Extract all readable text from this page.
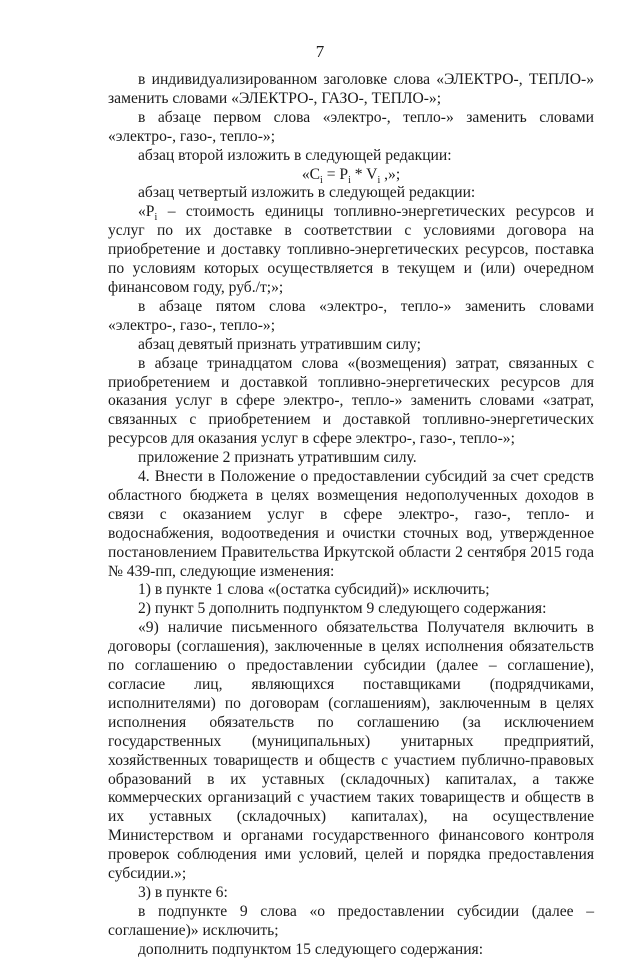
7

в индивидуализированном заголовке слова «ЭЛЕКТРО-, ТЕПЛО-» заменить словами «ЭЛЕКТРО-, ГАЗО-, ТЕПЛО-»;

в абзаце первом слова «электро-, тепло-» заменить словами «электро-, газо-, тепло-»;

абзац второй изложить в следующей редакции:

«$C_i = P_i * V_i$ ,»;

абзац четвертый изложить в следующей редакции:

«$P_i$ – стоимость единицы топливно-энергетических ресурсов и услуг по их доставке в соответствии с условиями договора на приобретение и доставку топливно-энергетических ресурсов, поставка по условиям которых осуществляется в текущем и (или) очередном финансовом году, руб./т;»;

в абзаце пятом слова «электро-, тепло-» заменить словами «электро-, газо-, тепло-»;

абзац девятый признать утратившим силу;

в абзаце тринадцатом слова «(возмещения) затрат, связанных с приобретением и доставкой топливно-энергетических ресурсов для оказания услуг в сфере электро-, тепло-» заменить словами «затрат, связанных с приобретением и доставкой топливно-энергетических ресурсов для оказания услуг в сфере электро-, газо-, тепло-»;

приложение 2 признать утратившим силу.

4. Внести в Положение о предоставлении субсидий за счет средств областного бюджета в целях возмещения недополученных доходов в связи с оказанием услуг в сфере электро-, газо-, тепло- и водоснабжения, водоотведения и очистки сточных вод, утвержденное постановлением Правительства Иркутской области 2 сентября 2015 года № 439-пп, следующие изменения:

1) в пункте 1 слова «(остатка субсидий)» исключить;

2) пункт 5 дополнить подпунктом 9 следующего содержания:

«9) наличие письменного обязательства Получателя включить в договоры (соглашения), заключенные в целях исполнения обязательств по соглашению о предоставлении субсидии (далее – соглашение), согласие лиц, являющихся поставщиками (подрядчиками, исполнителями) по договорам (соглашениям), заключенным в целях исполнения обязательств по соглашению (за исключением государственных (муниципальных) унитарных предприятий, хозяйственных товариществ и обществ с участием публично-правовых образований в их уставных (складочных) капиталах, а также коммерческих организаций с участием таких товариществ и обществ в их уставных (складочных) капиталах), на осуществление Министерством и органами государственного финансового контроля проверок соблюдения ими условий, целей и порядка предоставления субсидии.»;

3) в пункте 6:

в подпункте 9 слова «о предоставлении субсидии (далее – соглашение)» исключить;

дополнить подпунктом 15 следующего содержания:
